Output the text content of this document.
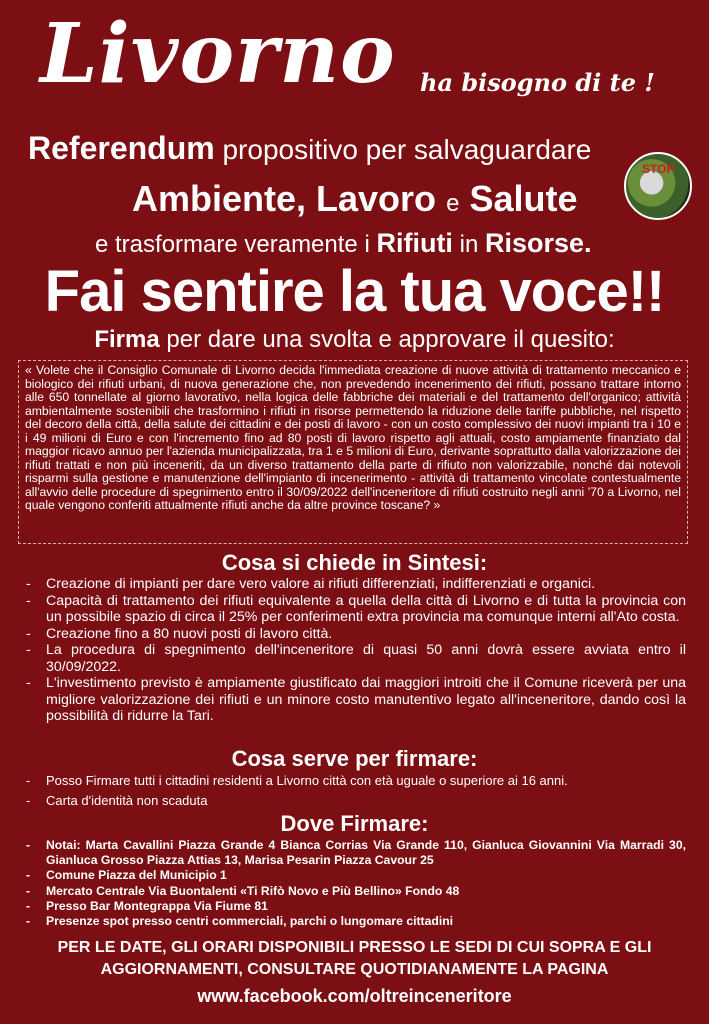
Livorno ha bisogno di te !
Referendum propositivo per salvaguardare
Ambiente, Lavoro e Salute
STOP
e trasformare veramente i Rifiuti in Risorse.
Fai sentire la tua voce!!
Firma per dare una svolta e approvare il quesito:
« Volete che il Consiglio Comunale di Livorno decida l'immediata creazione di nuove attività di trattamento meccanico e biologico dei rifiuti urbani, di nuova generazione che, non prevedendo incenerimento dei rifiuti, possano trattare intorno alle 650 tonnellate al giorno lavorativo, nella logica delle fabbriche dei materiali e del trattamento dell'organico; attività ambientalmente sostenibili che trasformino i rifiuti in risorse permettendo la riduzione delle tariffe pubbliche, nel rispetto del decoro della città, della salute dei cittadini e dei posti di lavoro - con un costo complessivo dei nuovi impianti tra i 10 e i 49 milioni di Euro e con l'incremento fino ad 80 posti di lavoro rispetto agli attuali, costo ampiamente finanziato dal maggior ricavo annuo per l'azienda municipalizzata, tra 1 e 5 milioni di Euro, derivante soprattutto dalla valorizzazione dei rifiuti trattati e non più inceneriti, da un diverso trattamento della parte di rifiuto non valorizzabile, nonché dai notevoli risparmi sulla gestione e manutenzione dell'impianto di incenerimento - attività di trattamento vincolate contestualmente all'avvio delle procedure di spegnimento entro il 30/09/2022 dell'inceneritore di rifiuti costruito negli anni '70 a Livorno, nel quale vengono conferiti attualmente rifiuti anche da altre province toscane? »
Cosa si chiede in Sintesi:
- Creazione di impianti per dare vero valore ai rifiuti differenziati, indifferenziati e organici.
- Capacità di trattamento dei rifiuti equivalente a quella della città di Livorno e di tutta la provincia con un possibile spazio di circa il 25% per conferimenti extra provincia ma comunque interni all'Ato costa.
- Creazione fino a 80 nuovi posti di lavoro città.
- La procedura di spegnimento dell'inceneritore di quasi 50 anni dovrà essere avviata entro il 30/09/2022.
- L'investimento previsto è ampiamente giustificato dai maggiori introiti che il Comune riceverà per una migliore valorizzazione dei rifiuti e un minore costo manutentivo legato all'inceneritore, dando così la possibilità di ridurre la Tari.
Cosa serve per firmare:
- Posso Firmare tutti i cittadini residenti a Livorno città con età uguale o superiore ai 16 anni.
- Carta d'identità non scaduta
Dove Firmare:
- Notai: Marta Cavallini Piazza Grande 4 Bianca Corrias Via Grande 110, Gianluca Giovannini Via Marradi 30, Gianluca Grosso Piazza Attias 13, Marisa Pesarin Piazza Cavour 25
- Comune Piazza del Municipio 1
- Mercato Centrale Via Buontalenti «Ti Rifò Novo e Più Bellino» Fondo 48
- Presso Bar Montegrappa Via Fiume 81
- Presenze spot presso centri commerciali, parchi o lungomare cittadini
PER LE DATE, GLI ORARI DISPONIBILI PRESSO LE SEDI DI CUI SOPRA E GLI
AGGIORNAMENTI, CONSULTARE QUOTIDIANAMENTE LA PAGINA
www.facebook.com/oltreinceneritore
